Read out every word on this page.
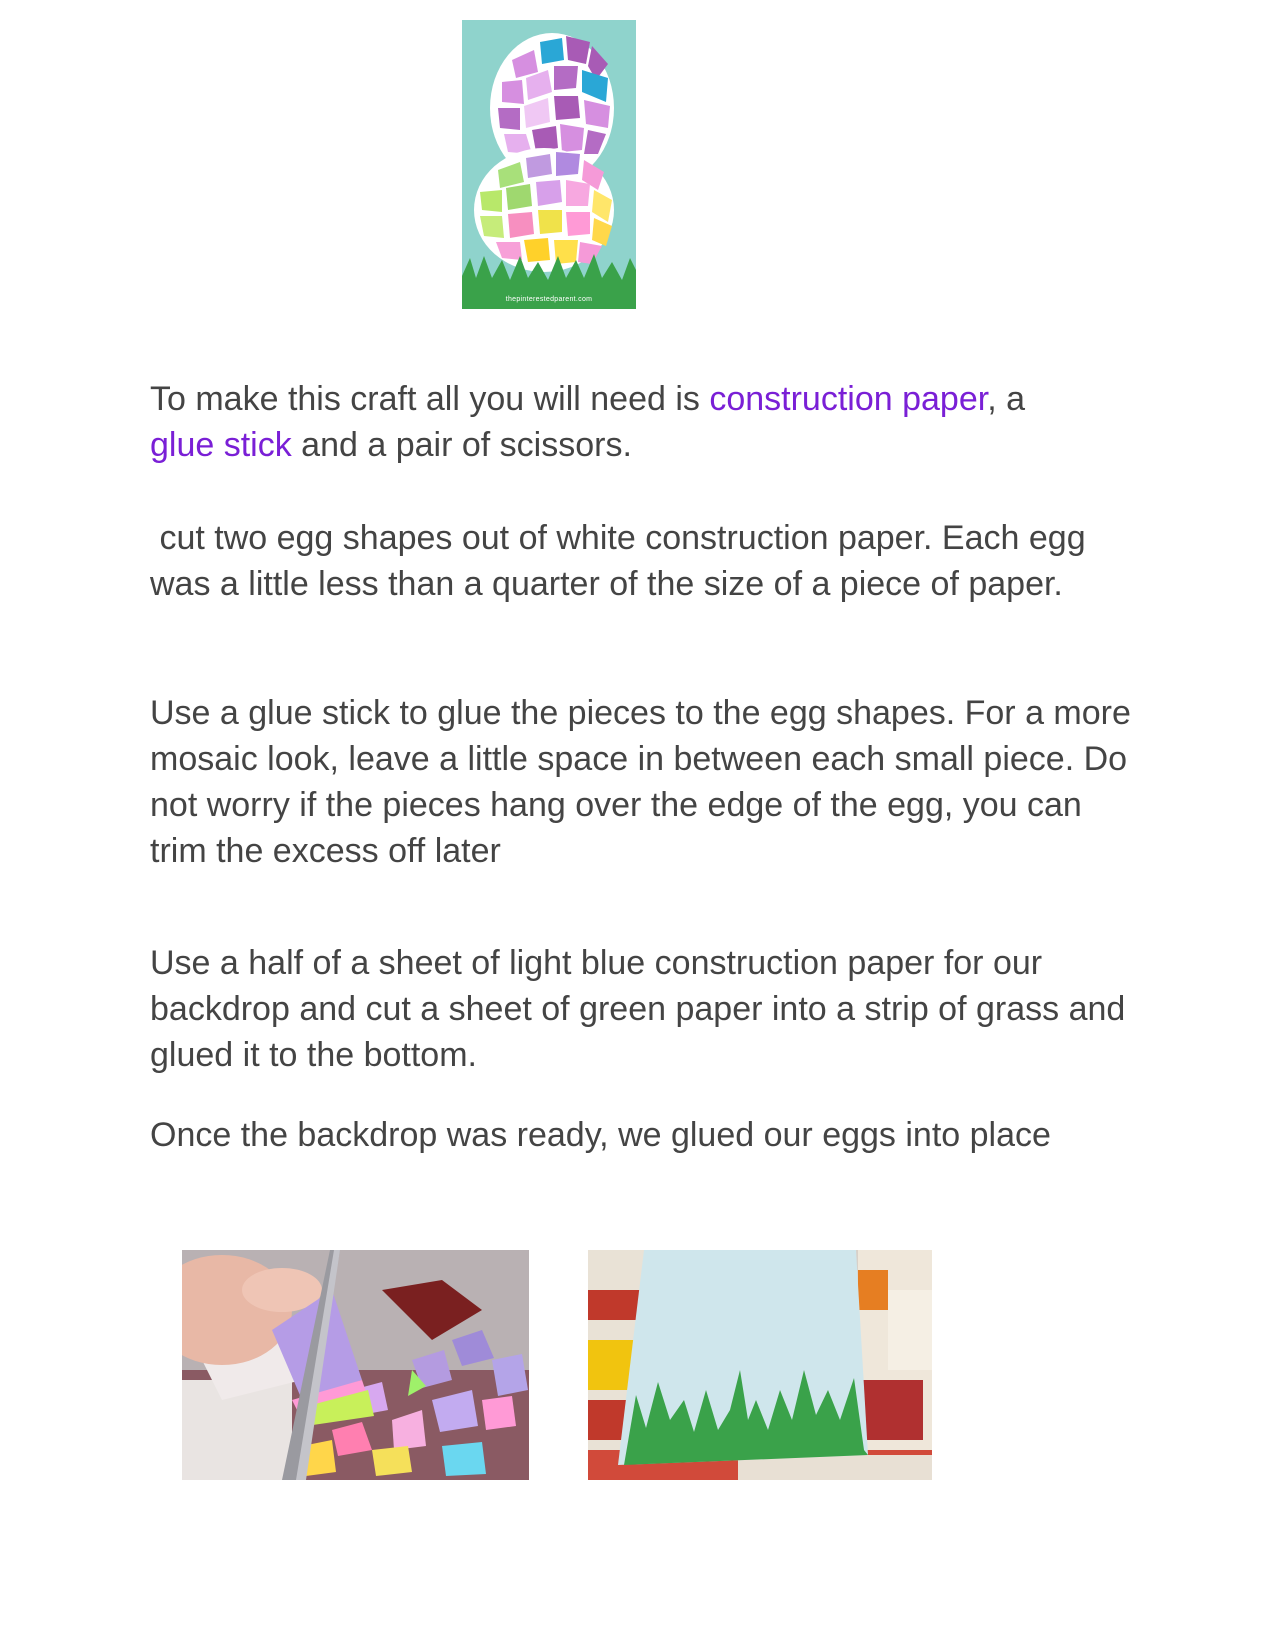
thepinterestedparent.com

To make this craft all you will need is construction paper, a
glue stick and a pair of scissors.

cut two egg shapes out of white construction paper. Each egg was a little less than a quarter of the size of a piece of paper.

Use a glue stick to glue the pieces to the egg shapes. For a more mosaic look, leave a little space in between each small piece. Do not worry if the pieces hang over the edge of the egg, you can trim the excess off later

Use a half of a sheet of light blue construction paper for our backdrop and cut a sheet of green paper into a strip of grass and glued it to the bottom.

Once the backdrop was ready, we glued our eggs into place
